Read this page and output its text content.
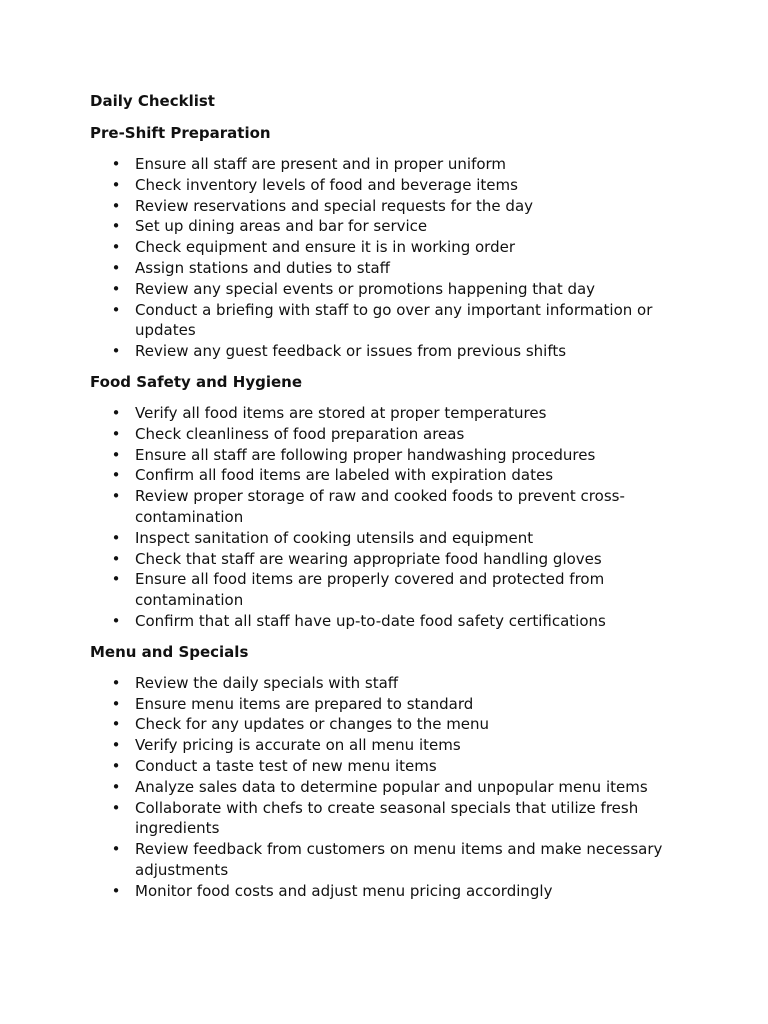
Daily Checklist
Pre-Shift Preparation
• Ensure all staff are present and in proper uniform
• Check inventory levels of food and beverage items
• Review reservations and special requests for the day
• Set up dining areas and bar for service
• Check equipment and ensure it is in working order
• Assign stations and duties to staff
• Review any special events or promotions happening that day
• Conduct a briefing with staff to go over any important information or updates
• Review any guest feedback or issues from previous shifts
Food Safety and Hygiene
• Verify all food items are stored at proper temperatures
• Check cleanliness of food preparation areas
• Ensure all staff are following proper handwashing procedures
• Confirm all food items are labeled with expiration dates
• Review proper storage of raw and cooked foods to prevent cross-contamination
• Inspect sanitation of cooking utensils and equipment
• Check that staff are wearing appropriate food handling gloves
• Ensure all food items are properly covered and protected from contamination
• Confirm that all staff have up-to-date food safety certifications
Menu and Specials
• Review the daily specials with staff
• Ensure menu items are prepared to standard
• Check for any updates or changes to the menu
• Verify pricing is accurate on all menu items
• Conduct a taste test of new menu items
• Analyze sales data to determine popular and unpopular menu items
• Collaborate with chefs to create seasonal specials that utilize fresh ingredients
• Review feedback from customers on menu items and make necessary adjustments
• Monitor food costs and adjust menu pricing accordingly
